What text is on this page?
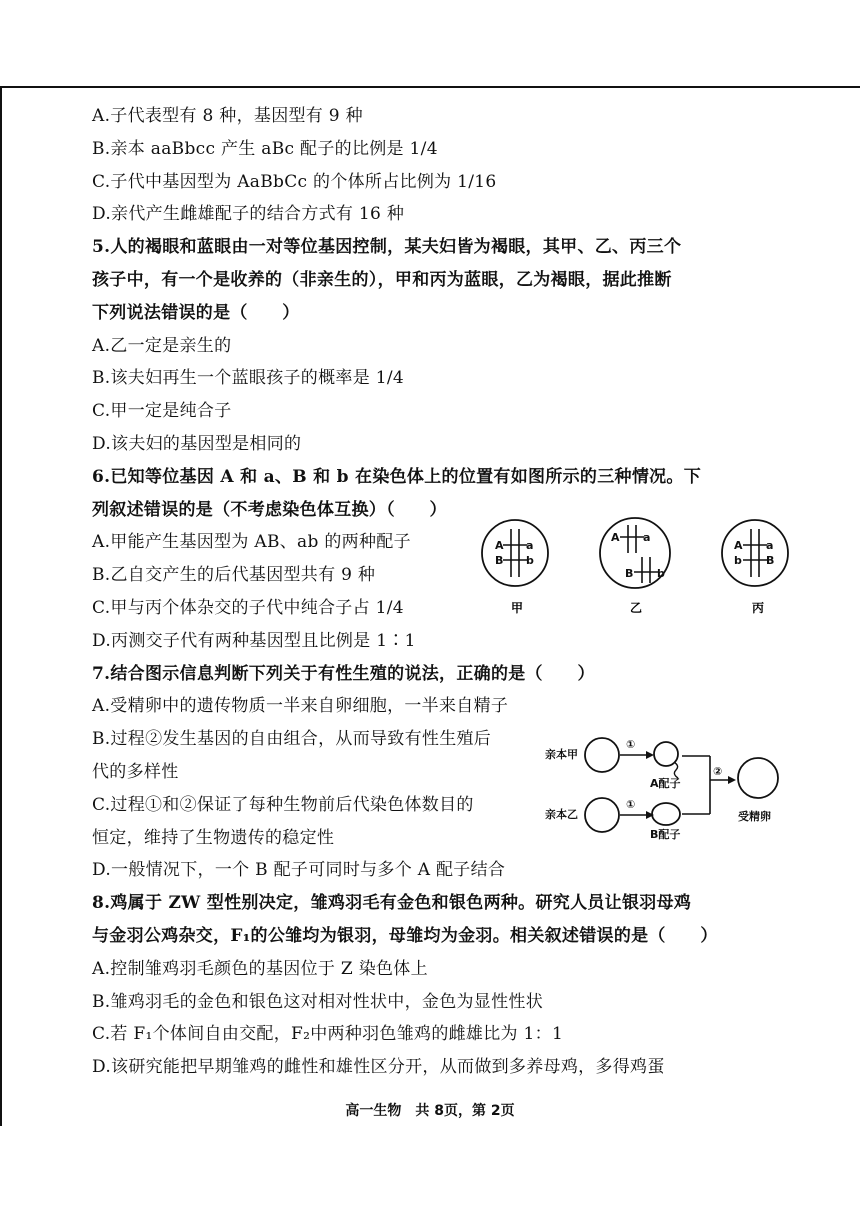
A.子代表型有 8 种，基因型有 9 种
B.亲本 aaBbcc 产生 aBc 配子的比例是 1/4
C.子代中基因型为 AaBbCc 的个体所占比例为 1/16
D.亲代产生雌雄配子的结合方式有 16 种
5.人的褐眼和蓝眼由一对等位基因控制，某夫妇皆为褐眼，其甲、乙、丙三个
孩子中，有一个是收养的（非亲生的），甲和丙为蓝眼，乙为褐眼，据此推断
下列说法错误的是（　　）
A.乙一定是亲生的
B.该夫妇再生一个蓝眼孩子的概率是 1/4
C.甲一定是纯合子
D.该夫妇的基因型是相同的
6.已知等位基因 A 和 a、B 和 b 在染色体上的位置有如图所示的三种情况。下
列叙述错误的是（不考虑染色体互换）（　　）
A.甲能产生基因型为 AB、ab 的两种配子
B.乙自交产生的后代基因型共有 9 种
C.甲与丙个体杂交的子代中纯合子占 1/4
D.丙测交子代有两种基因型且比例是 1∶1
7.结合图示信息判断下列关于有性生殖的说法，正确的是（　　）
A.受精卵中的遗传物质一半来自卵细胞，一半来自精子
B.过程②发生基因的自由组合，从而导致有性生殖后
代的多样性
C.过程①和②保证了每种生物前后代染色体数目的
恒定，维持了生物遗传的稳定性
D.一般情况下，一个 B 配子可同时与多个 A 配子结合
8.鸡属于 ZW 型性别决定，雏鸡羽毛有金色和银色两种。研究人员让银羽母鸡
与金羽公鸡杂交，F₁的公雏均为银羽，母雏均为金羽。相关叙述错误的是（　　）
A.控制雏鸡羽毛颜色的基因位于 Z 染色体上
B.雏鸡羽毛的金色和银色这对相对性状中，金色为显性性状
C.若 F₁个体间自由交配，F₂中两种羽色雏鸡的雌雄比为 1：1
D.该研究能把早期雏鸡的雌性和雄性区分开，从而做到多养母鸡，多得鸡蛋
A
B
a
b
甲
A
B
a
b
乙
A
b
a
B
丙
亲本甲
亲本乙
①
①
A配子
B配子
②
受精卵
高一生物　共 8页，第 2页
